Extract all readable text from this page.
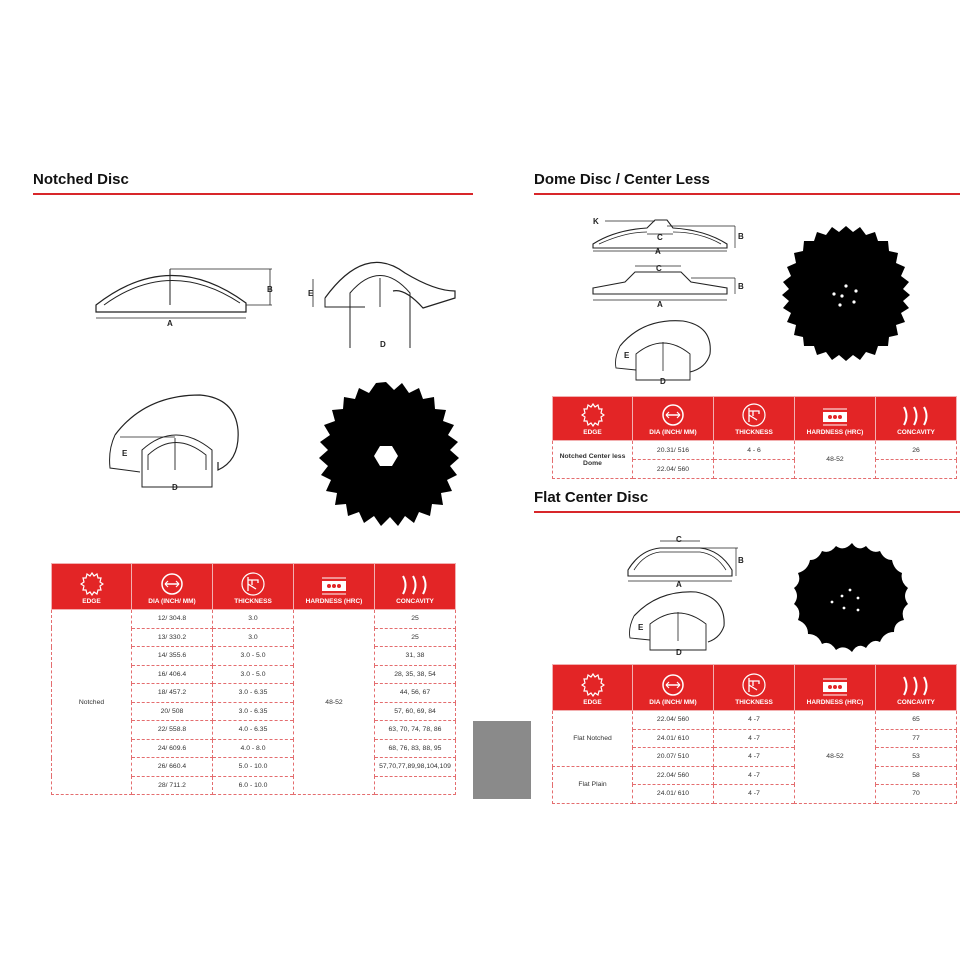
Notched Disc	Dome Disc / Center Less
Flat Center Disc
B
A
E
D
E
D
EDGE	DIA (INCH/ MM)	THICKNESS	HARDNESS (HRC)	CONCAVITY

Notched	12/ 304.8	3.0	48-52	25
	13/ 330.2	3.0		25
	14/ 355.6	3.0 - 5.0		31, 38
	16/ 406.4	3.0 - 5.0		28, 35, 38, 54
	18/ 457.2	3.0 - 6.35		44, 56, 67
	20/ 508	3.0 - 6.35		57, 60, 69, 84
	22/ 558.8	4.0 - 6.35		63, 70, 74, 78, 86
	24/ 609.6	4.0 - 8.0		68, 76, 83, 88, 95
	26/ 660.4	5.0 - 10.0		57,70,77,89,98,104,109
	28/ 711.2	6.0 - 10.0		
K
C	B
A
C
B
A
E
D
EDGE	DIA (INCH/ MM)	THICKNESS	HARDNESS (HRC)	CONCAVITY

Notched Center less Dome	20.31/ 516	4 - 6	48-52	26
	22.04/ 560			
C
B
A
E
D
EDGE	DIA (INCH/ MM)	THICKNESS	HARDNESS (HRC)	CONCAVITY

Flat Notched	22.04/ 560	4 -7	48-52	65
	24.01/ 610	4 -7		77
	20.07/ 510	4 -7		53
Flat Plain	22.04/ 560	4 -7		58
	24.01/ 610	4 -7		70
